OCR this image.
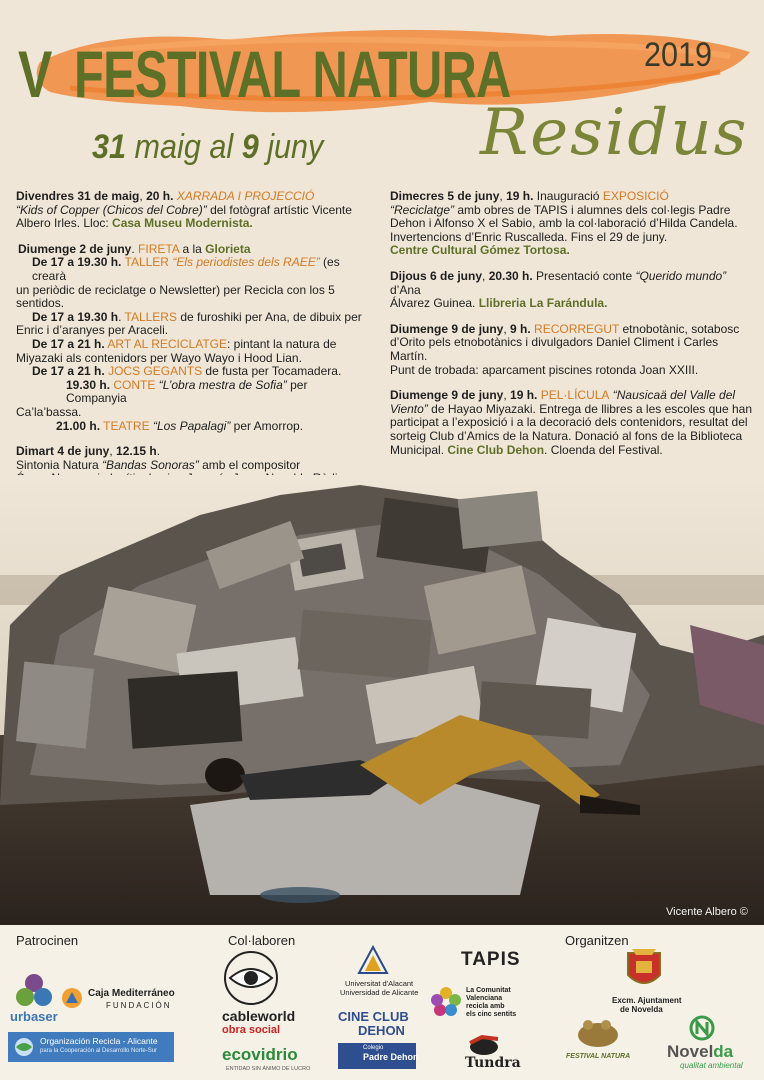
V FESTIVAL NATURA	2019
31 maig al 9 juny Residus

Divendres 31 de maig, 20 h. XARRADA I PROJECCIÓ
“Kids of Copper (Chicos del Cobre)” del fotògraf artístic Vicente
Albero Irles. Lloc: Casa Museu Modernista.

Diumenge 2 de juny. FIRETA a la Glorieta
De 17 a 19.30 h. TALLER “Els periodistes dels RAEE” (es crearà
un periòdic de reciclatge o Newsletter) per Recicla con los 5
sentidos.
De 17 a 19.30 h. TALLERS de furoshiki per Ana, de dibuix per
Enric i d’aranyes per Araceli.
De 17 a 21 h. ART AL RECICLATGE: pintant la natura de
Miyazaki als contenidors per Wayo Wayo i Hood Lian.
De 17 a 21 h. JOCS GEGANTS de fusta per Tocamadera.
19.30 h. CONTE “L’obra mestra de Sofia” per Companyia
Ca’la’bassa.
21.00 h. TEATRE “Los Papalagi” per Amorrop.

Dimart 4 de juny, 12.15 h.
Sintonia Natura “Bandas Sonoras” amb el compositor

Dimecres 5 de juny, 19 h. Inauguració EXPOSICIÓ
“Reciclatge” amb obres de TAPIS i alumnes dels col·legis Padre
Dehon i Alfonso X el Sabio, amb la col·laboració d’Hilda Candela.
Invertencions d’Enric Ruscalleda. Fins el 29 de juny.
Centre Cultural Gómez Tortosa.

Dijous 6 de juny, 20.30 h. Presentació conte “Querido mundo” d’Ana
Álvarez Guinea. Llibreria La Farándula.

Diumenge 9 de juny, 9 h. RECORREGUT etnobotànic, sotabosc
d’Orito pels etnobotànics i divulgadors Daniel Climent i Carles Martín.
Punt de trobada: aparcament piscines rotonda Joan XXIII.

Diumenge 9 de juny, 19 h. PEL·LÍCULA “Nausicaä del Valle del
Viento” de Hayao Miyazaki. Entrega de llibres a les escoles que han
participat a l’exposició i a la decoració dels contenidors, resultat del
sorteig Club d’Amics de la Natura. Donació al fons de la Biblioteca
Municipal. Cine Club Dehon. Cloenda del Festival.

Vicente Albero ©
Patrocinen	Col·laboren	Organitzen
urbaser
Caja Mediterráneo
FUNDACIÓN
Organización Recicla - Alicante
para la Cooperación al Desarrollo Norte-Sur
cableworld
obra social
ecovidrio
ENTIDAD SIN ÁNIMO DE LUCRO
Universitat d'Alacant
Universidad de Alicante
CINE CLUB
DEHON
Colegio
Padre Dehon
TAPIS
La Comunitat
Valenciana
recicla amb
els cinc sentits
Tundra
Excm. Ajuntament
de Novelda
FESTIVAL NATURA Novelda
qualitat ambiental
